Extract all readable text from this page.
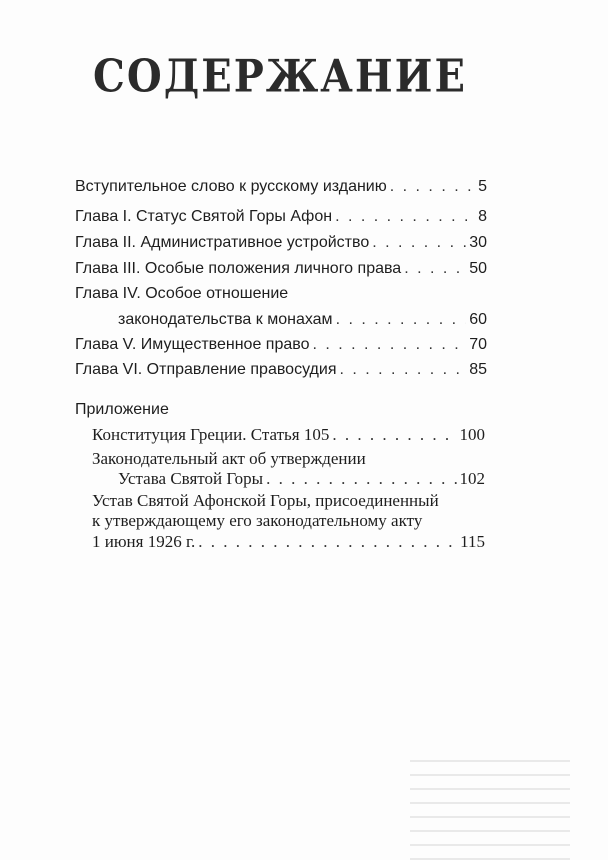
СОДЕРЖАНИЕ
Вступительное слово к русскому изданию . . .	5
Глава I. Статус Святой Горы Афон . . .	8
Глава II. Административное устройство . . .	30
Глава III. Особые положения личного права . . .	50
Глава IV. Особое отношение
законодательства к монахам . . .	60
Глава V. Имущественное право . . .	70
Глава VI. Отправление правосудия . . .	85
Приложение
Конституция Греции. Статья 105 . . .	100
Законодательный акт об утверждении
Устава Святой Горы . . .	102
Устав Святой Афонской Горы, присоединенный
к утверждающему его законодательному акту
1 июня 1926 г. . . .	115
